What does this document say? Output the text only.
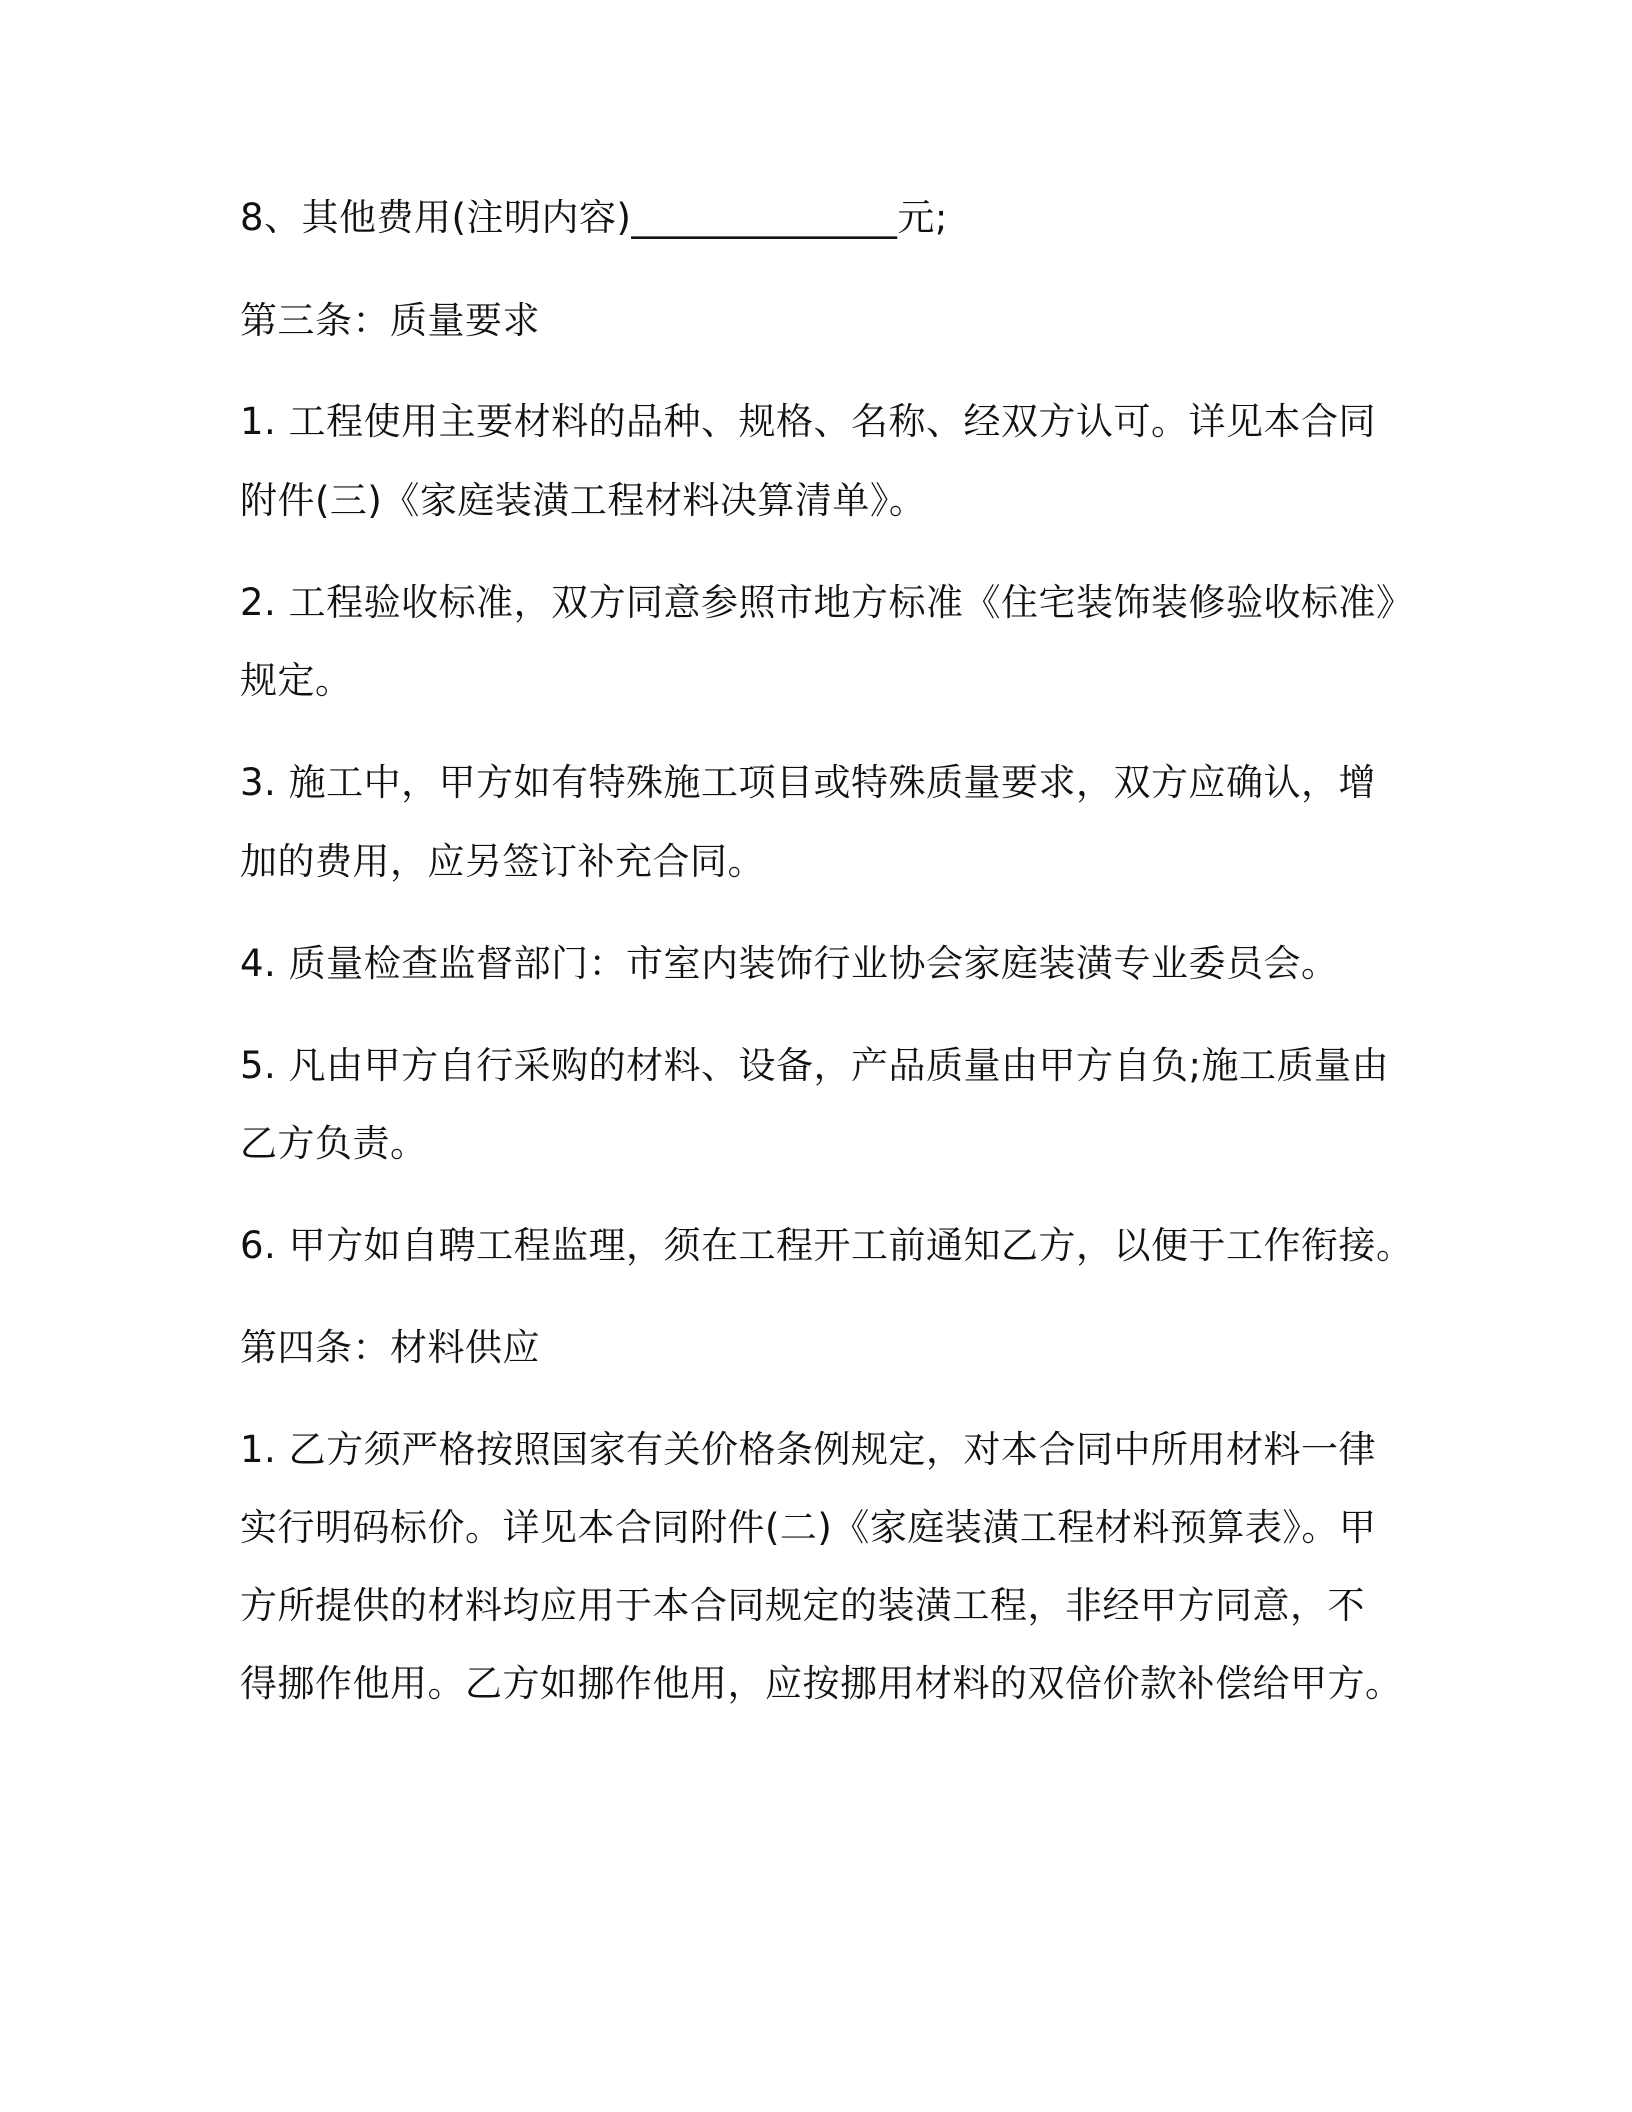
8、其他费用(注明内容)______________元;
第三条：质量要求
1. 工程使用主要材料的品种、规格、名称、经双方认可。详见本合同
附件(三)《家庭装潢工程材料决算清单》。
2. 工程验收标准，双方同意参照市地方标准《住宅装饰装修验收标准》
规定。
3. 施工中，甲方如有特殊施工项目或特殊质量要求，双方应确认，增
加的费用，应另签订补充合同。
4. 质量检查监督部门：市室内装饰行业协会家庭装潢专业委员会。
5. 凡由甲方自行采购的材料、设备，产品质量由甲方自负;施工质量由
乙方负责。
6. 甲方如自聘工程监理，须在工程开工前通知乙方，以便于工作衔接。
第四条：材料供应
1. 乙方须严格按照国家有关价格条例规定，对本合同中所用材料一律
实行明码标价。详见本合同附件(二)《家庭装潢工程材料预算表》。甲
方所提供的材料均应用于本合同规定的装潢工程，非经甲方同意，不
得挪作他用。乙方如挪作他用，应按挪用材料的双倍价款补偿给甲方。
